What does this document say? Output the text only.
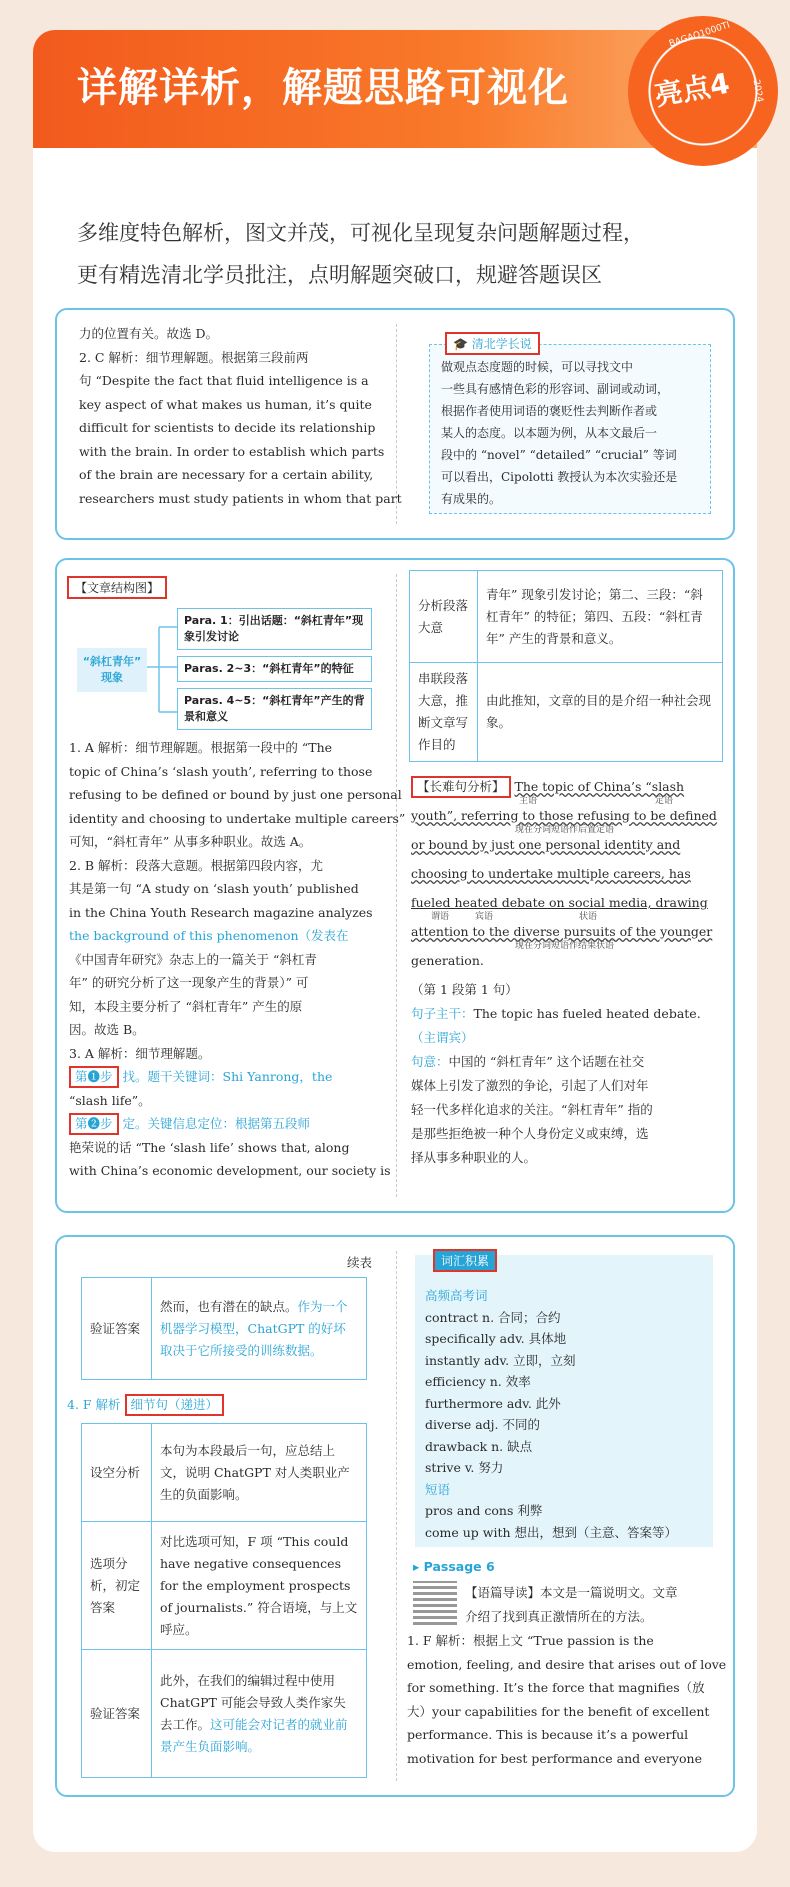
详解详析，解题思路可视化

多维度特色解析，图文并茂，可视化呈现复杂问题解题过程，

更有精选清北学员批注，点明解题突破口，规避答题误区

BAGAO1000TI
2024
亮点4

力的位置有关。故选 D。

2. C 解析：细节理解题。根据第三段前两

句 “Despite the fact that fluid intelligence is a

key aspect of what makes us human, it’s quite

difficult for scientists to decide its relationship

with the brain. In order to establish which parts

of the brain are necessary for a certain ability,

researchers must study patients in whom that part

🎓 清北学长说

做观点态度题的时候，可以寻找文中

一些具有感情色彩的形容词、副词或动词，

根据作者使用词语的褒贬性去判断作者或

某人的态度。以本题为例，从本文最后一

段中的 “novel” “detailed” “crucial” 等词

可以看出，Cipolotti 教授认为本次实验还是

有成果的。

【文章结构图】

“斜杠青年”

现象

Para. 1：引出话题：“斜杠青年”现象引发讨论
Paras. 2~3：“斜杠青年”的特征
Paras. 4~5：“斜杠青年”产生的背景和意义

1. A 解析：细节理解题。根据第一段中的 “The

topic of China’s ‘slash youth’, referring to those

refusing to be defined or bound by just one personal

identity and choosing to undertake multiple careers”

可知，“斜杠青年” 从事多种职业。故选 A。

2. B 解析：段落大意题。根据第四段内容，尤

其是第一句 “A study on ‘slash youth’ published

in the China Youth Research magazine analyzes

the background of this phenomenon（发表在

《中国青年研究》杂志上的一篇关于 “斜杠青

年” 的研究分析了这一现象产生的背景）” 可

知，本段主要分析了 “斜杠青年” 产生的原

因。故选 B。

3. A 解析：细节理解题。

第❶步 找。题干关键词：Shi Yanrong，the

“slash life”。

第❷步 定。关键信息定位：根据第五段师

艳荣说的话 “The ‘slash life’ shows that, along

with China’s economic development, our society is

分析段落大意	青年” 现象引发讨论；第二、三段：“斜杠青年” 的特征；第四、五段：“斜杠青年” 产生的背景和意义。
串联段落大意，推断文章写作目的	由此推知，文章的目的是介绍一种社会现象。

【长难句分析】 The topic of China’s “slash

youth”, referring to those refusing to be defined

or bound by just one personal identity and

choosing to undertake multiple careers, has

fueled heated debate on social media, drawing

attention to the diverse pursuits of the younger

generation.

主语	定语
现在分词短语作后置定语
谓语	宾语	状语
现在分词短语作结果状语

（第 1 段第 1 句）

句子主干：The topic has fueled heated debate.

（主谓宾）

句意：中国的 “斜杠青年” 这个话题在社交

媒体上引发了激烈的争论，引起了人们对年

轻一代多样化追求的关注。“斜杠青年” 指的

是那些拒绝被一种个人身份定义或束缚，选

择从事多种职业的人。

续表
验证答案	然而，也有潜在的缺点。作为一个机器学习模型，ChatGPT 的好坏取决于它所接受的训练数据。
4. F 解析 细节句（递进）
设空分析	本句为本段最后一句，应总结上文，说明 ChatGPT 对人类职业产生的负面影响。
选项分析，初定答案	对比选项可知，F 项 “This could have negative consequences for the employment prospects of journalists.” 符合语境，与上文呼应。
验证答案	此外，在我们的编辑过程中使用 ChatGPT 可能会导致人类作家失去工作。这可能会对记者的就业前景产生负面影响。

高频高考词

contract n. 合同；合约

specifically adv. 具体地

instantly adv. 立即，立刻

efficiency n. 效率

furthermore adv. 此外

diverse adj. 不同的

drawback n. 缺点

strive v. 努力

短语

pros and cons 利弊

come up with 想出，想到（主意、答案等）

词汇积累
▸ Passage 6

【语篇导读】本文是一篇说明文。文章

介绍了找到真正激情所在的方法。

1. F 解析：根据上文 “True passion is the

emotion, feeling, and desire that arises out of love

for something. It’s the force that magnifies（放

大）your capabilities for the benefit of excellent

performance. This is because it’s a powerful

motivation for best performance and everyone
